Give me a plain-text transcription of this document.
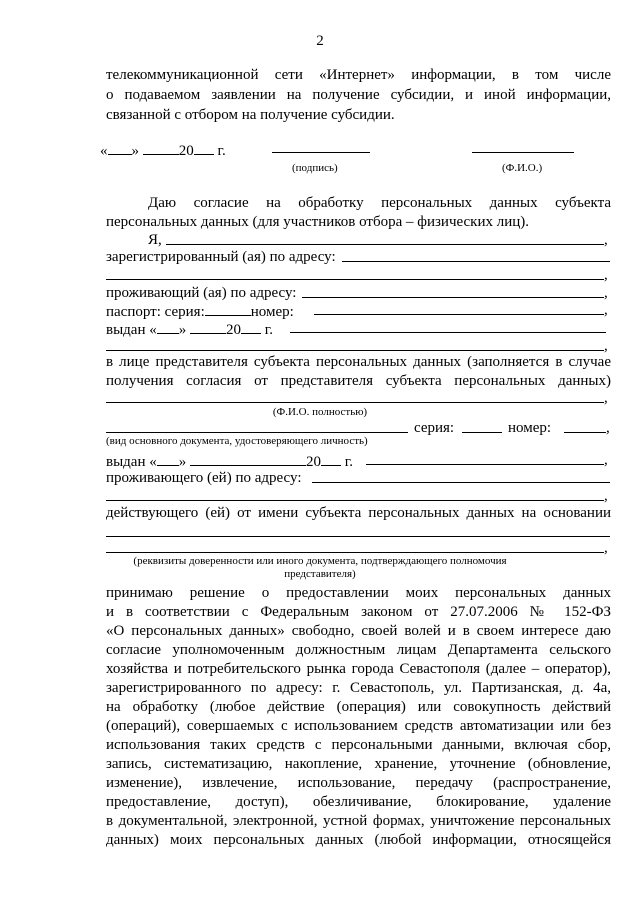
2
телекоммуникационной сети «Интернет» информации, в том числе
о подаваемом заявлении на получение субсидии, и иной информации,
связанной с отбором на получение субсидии.
« »	20 г.
(подпись)	(Ф.И.О.)
Даю согласие на обработку персональных данных субъекта
персональных данных (для участников отбора – физических лиц).
Я,	,
зарегистрированный (ая) по адресу:
,
проживающий (ая) по адресу:	,
паспорт: серия:	номер:	,
выдан « »	20 г.
,
в лице представителя субъекта персональных данных (заполняется в случае
получения согласия от представителя субъекта персональных данных)
,
(Ф.И.О. полностью)
серия:	номер:	,
(вид основного документа, удостоверяющего личность)
выдан « »	20 г.	,
проживающего (ей) по адресу:
,
действующего (ей) от имени субъекта персональных данных на основании
,
(реквизиты доверенности или иного документа, подтверждающего полномочия
представителя)
принимаю решение о предоставлении моих персональных данных
и в соответствии с Федеральным законом от 27.07.2006 № 152-ФЗ
«О персональных данных» свободно, своей волей и в своем интересе даю
согласие уполномоченным должностным лицам Департамента сельского
хозяйства и потребительского рынка города Севастополя (далее – оператор),
зарегистрированного по адресу: г. Севастополь, ул. Партизанская, д. 4а,
на обработку (любое действие (операция) или совокупность действий
(операций), совершаемых с использованием средств автоматизации или без
использования таких средств с персональными данными, включая сбор,
запись, систематизацию, накопление, хранение, уточнение (обновление,
изменение), извлечение, использование, передачу (распространение,
предоставление, доступ), обезличивание, блокирование, удаление
в документальной, электронной, устной формах, уничтожение персональных
данных) моих персональных данных (любой информации, относящейся
